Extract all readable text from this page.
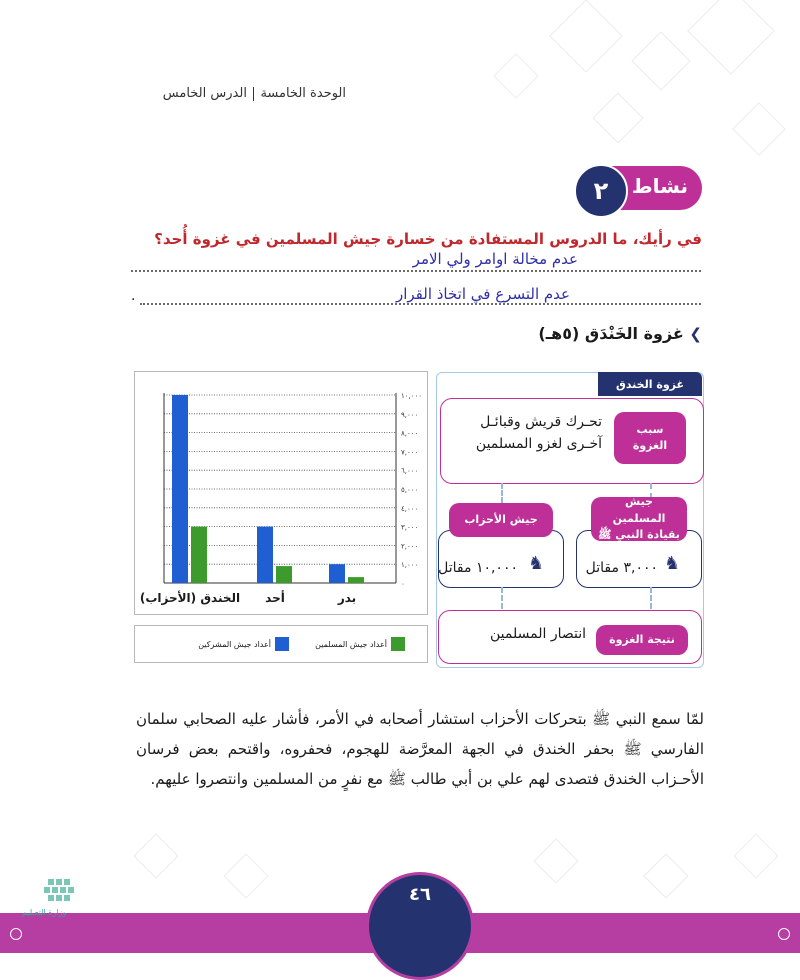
الوحدة الخامسةالدرس الخامس
نشاط
٢
في رأيك، ما الدروس المستفادة من خسارة جيش المسلمين في غزوة أُحد؟
عدم مخالة اوامر ولي الامر
عدم التسرع في اتخاذ القرار
.
❯ غزوة الخَنْدَق (٥هـ)
٠
١,٠٠٠
٢,٠٠٠
٣,٠٠٠
٤,٠٠٠
٥,٠٠٠
٦,٠٠٠
٧,٠٠٠
٨,٠٠٠
٩,٠٠٠
١٠,٠٠٠
الخندق (الأحزاب) أحد	بدر
أعداد جيش المسلمين
أعداد جيش المشركين
غزوة الخندق
سبب الغزوة
تحـرك قريش وقبائـل
آخـرى لغزو المسلمين
جيش المسلمين بقيادة النبي ﷺ
٣,٠٠٠ مقاتل ♞
جيش الأحزاب
١٠,٠٠٠ مقاتل ♞
نتيجة الغزوة
انتصار المسلمين
لمّا سمع النبي ﷺ بتحركات الأحزاب استشار أصحابه في الأمر، فأشار عليه الصحابي سلمان الفارسي ﷺ بحفر الخندق في الجهة المعرَّضة للهجوم، فحفروه، واقتحم بعض فرسان الأحـزاب الخندق فتصدى لهم علي بن أبي طالب ﷺ مع نفرٍ من المسلمين وانتصروا عليهم.
٤٦
وزارة التعـليم
